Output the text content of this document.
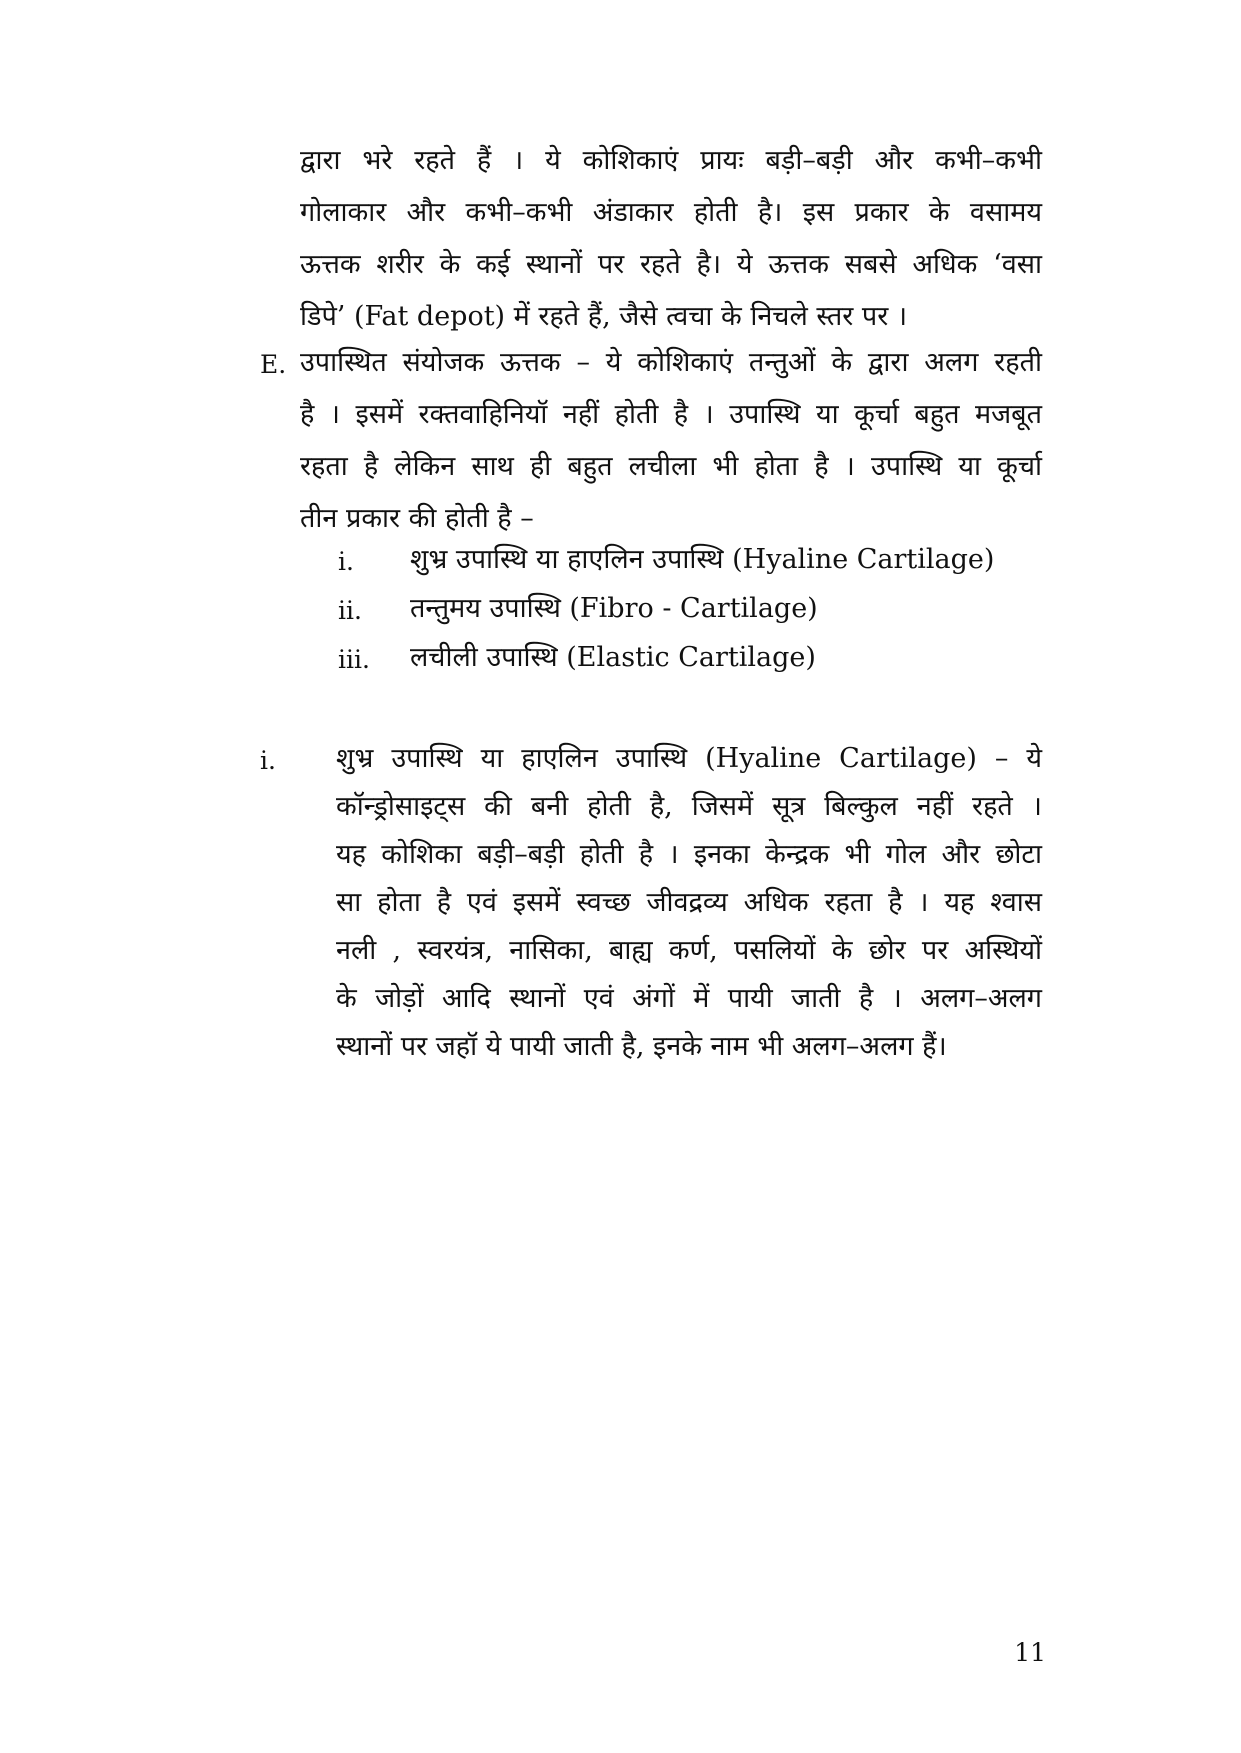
द्वारा भरे रहते हैं । ये कोशिकाएं प्रायः बड़ी–बड़ी और कभी–कभी
गोलाकार और कभी–कभी अंडाकार होती है। इस प्रकार के वसामय
ऊत्तक शरीर के कई स्थानों पर रहते है। ये ऊत्तक सबसे अधिक ‘वसा
डिपे’ (Fat depot) में रहते हैं, जैसे त्वचा के निचले स्तर पर ।
E. उपास्थित संयोजक ऊत्तक – ये कोशिकाएं तन्तुओं के द्वारा अलग रहती
है । इसमें रक्तवाहिनियॉ नहीं होती है । उपास्थि या कूर्चा बहुत मजबूत
रहता है लेकिन साथ ही बहुत लचीला भी होता है । उपास्थि या कूर्चा
तीन प्रकार की होती है –
i. शुभ्र उपास्थि या हाएलिन उपास्थि (Hyaline Cartilage)
ii. तन्तुमय उपास्थि (Fibro - Cartilage)
iii. लचीली उपास्थि (Elastic Cartilage)
i. शुभ्र उपास्थि या हाएलिन उपास्थि (Hyaline Cartilage) – ये
कॉन्ड्रोसाइट्स की बनी होती है, जिसमें सूत्र बिल्कुल नहीं रहते ।
यह कोशिका बड़ी–बड़ी होती है । इनका केन्द्रक भी गोल और छोटा
सा होता है एवं इसमें स्वच्छ जीवद्रव्य अधिक रहता है । यह श्वास
नली , स्वरयंत्र, नासिका, बाह्य कर्ण, पसलियों के छोर पर अस्थियों
के जोड़ों आदि स्थानों एवं अंगों में पायी जाती है । अलग–अलग
स्थानों पर जहॉ ये पायी जाती है, इनके नाम भी अलग–अलग हैं।
11
